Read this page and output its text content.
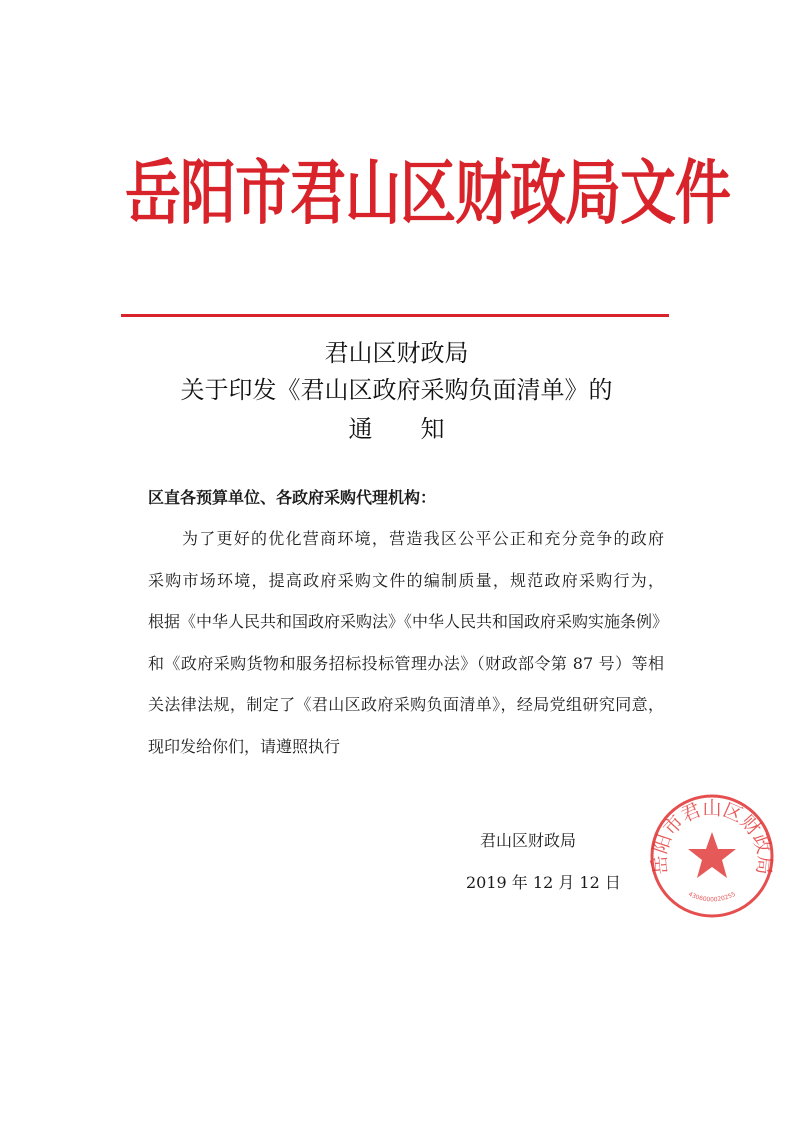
岳阳市君山区财政局文件
君山区财政局
关于印发《君山区政府采购负面清单》的
通　　知
区直各预算单位、各政府采购代理机构：
为了更好的优化营商环境，营造我区公平公正和充分竞争的政府
采购市场环境，提高政府采购文件的编制质量，规范政府采购行为，
根据《中华人民共和国政府采购法》《中华人民共和国政府采购实施条例》
和《政府采购货物和服务招标投标管理办法》（财政部令第 87 号）等相
关法律法规，制定了《君山区政府采购负面清单》，经局党组研究同意，
现印发给你们，请遵照执行
岳阳市君山区财政局
4306000020255
君山区财政局
2019 年 12 月 12 日
